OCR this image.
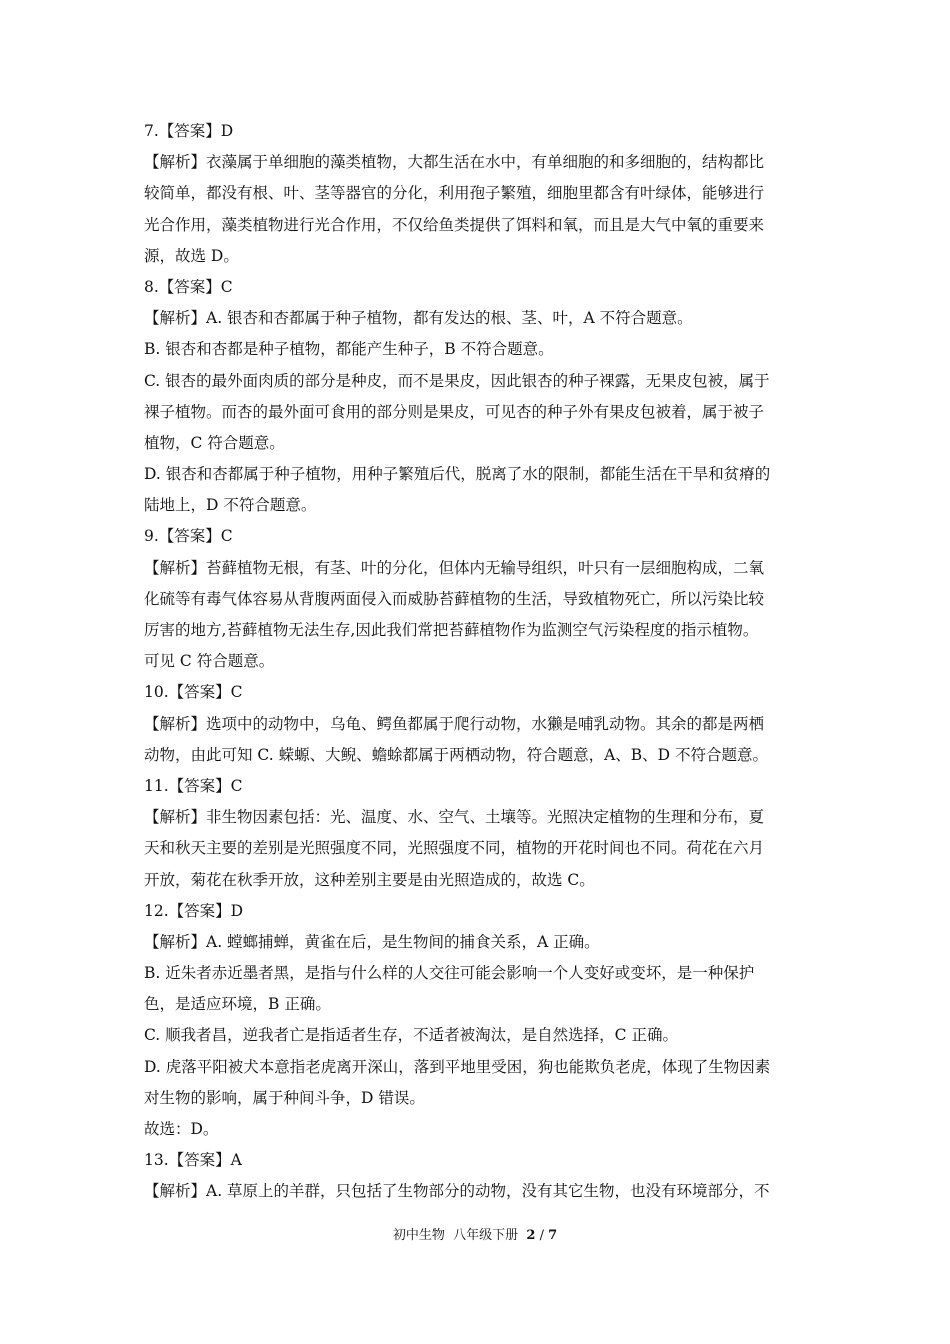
7.【答案】D
【解析】衣藻属于单细胞的藻类植物，大都生活在水中，有单细胞的和多细胞的，结构都比
较简单，都没有根、叶、茎等器官的分化，利用孢子繁殖，细胞里都含有叶绿体，能够进行
光合作用，藻类植物进行光合作用，不仅给鱼类提供了饵料和氧，而且是大气中氧的重要来
源，故选 D。
8.【答案】C
【解析】A. 银杏和杏都属于种子植物，都有发达的根、茎、叶，A 不符合题意。
B. 银杏和杏都是种子植物，都能产生种子，B 不符合题意。
C. 银杏的最外面肉质的部分是种皮，而不是果皮，因此银杏的种子裸露，无果皮包被，属于
裸子植物。而杏的最外面可食用的部分则是果皮，可见杏的种子外有果皮包被着，属于被子
植物，C 符合题意。
D. 银杏和杏都属于种子植物，用种子繁殖后代，脱离了水的限制，都能生活在干旱和贫瘠的
陆地上，D 不符合题意。
9.【答案】C
【解析】苔藓植物无根，有茎、叶的分化，但体内无输导组织，叶只有一层细胞构成，二氧
化硫等有毒气体容易从背腹两面侵入而威胁苔藓植物的生活，导致植物死亡，所以污染比较
厉害的地方,苔藓植物无法生存,因此我们常把苔藓植物作为监测空气污染程度的指示植物。
可见 C 符合题意。
10.【答案】C
【解析】选项中的动物中，乌龟、鳄鱼都属于爬行动物，水獭是哺乳动物。其余的都是两栖
动物，由此可知 C. 蝾螈、大鲵、蟾蜍都属于两栖动物，符合题意，A、B、D 不符合题意。
11.【答案】C
【解析】非生物因素包括：光、温度、水、空气、土壤等。光照决定植物的生理和分布，夏
天和秋天主要的差别是光照强度不同，光照强度不同，植物的开花时间也不同。荷花在六月
开放，菊花在秋季开放，这种差别主要是由光照造成的，故选 C。
12.【答案】D
【解析】A. 螳螂捕蝉，黄雀在后，是生物间的捕食关系，A 正确。
B. 近朱者赤近墨者黑，是指与什么样的人交往可能会影响一个人变好或变坏，是一种保护
色，是适应环境，B 正确。
C. 顺我者昌，逆我者亡是指适者生存，不适者被淘汰，是自然选择，C 正确。
D. 虎落平阳被犬本意指老虎离开深山，落到平地里受困，狗也能欺负老虎，体现了生物因素
对生物的影响，属于种间斗争，D 错误。
故选：D。
13.【答案】A
【解析】A. 草原上的羊群，只包括了生物部分的动物，没有其它生物，也没有环境部分，不
初中生物  八年级下册  2 / 7
